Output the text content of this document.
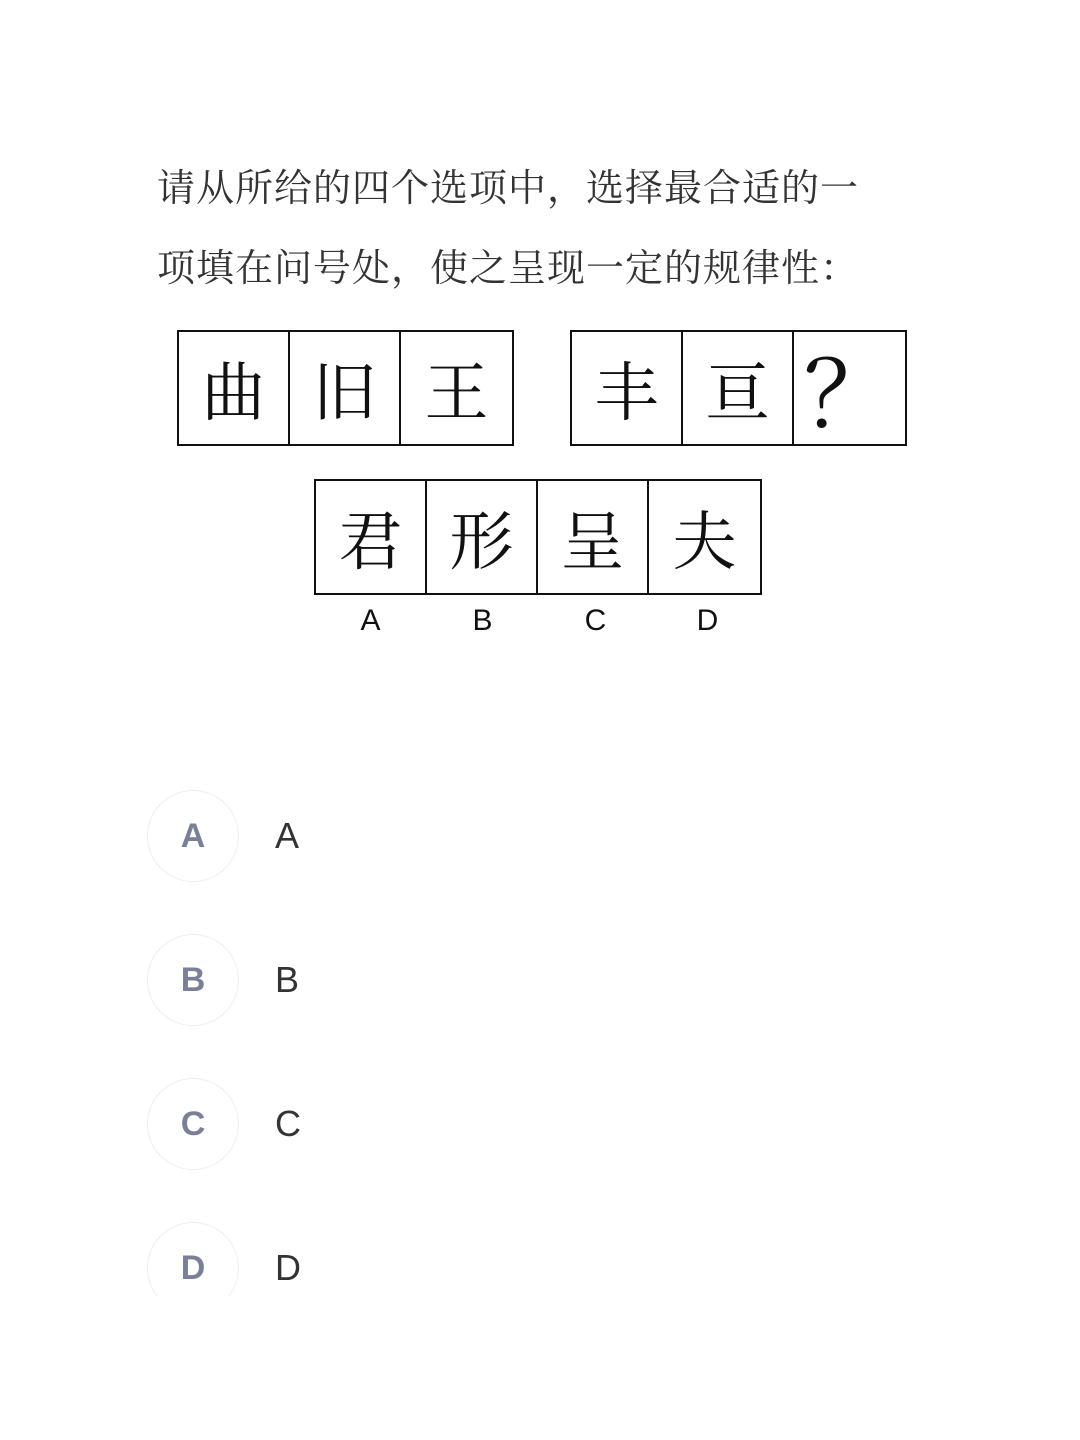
请从所给的四个选项中，选择最合适的一
项填在问号处，使之呈现一定的规律性：
曲 旧 王	丰 亘 ？
君 形 呈 夫
A	B	C	D
A	A
B	B
C	C
D	D
